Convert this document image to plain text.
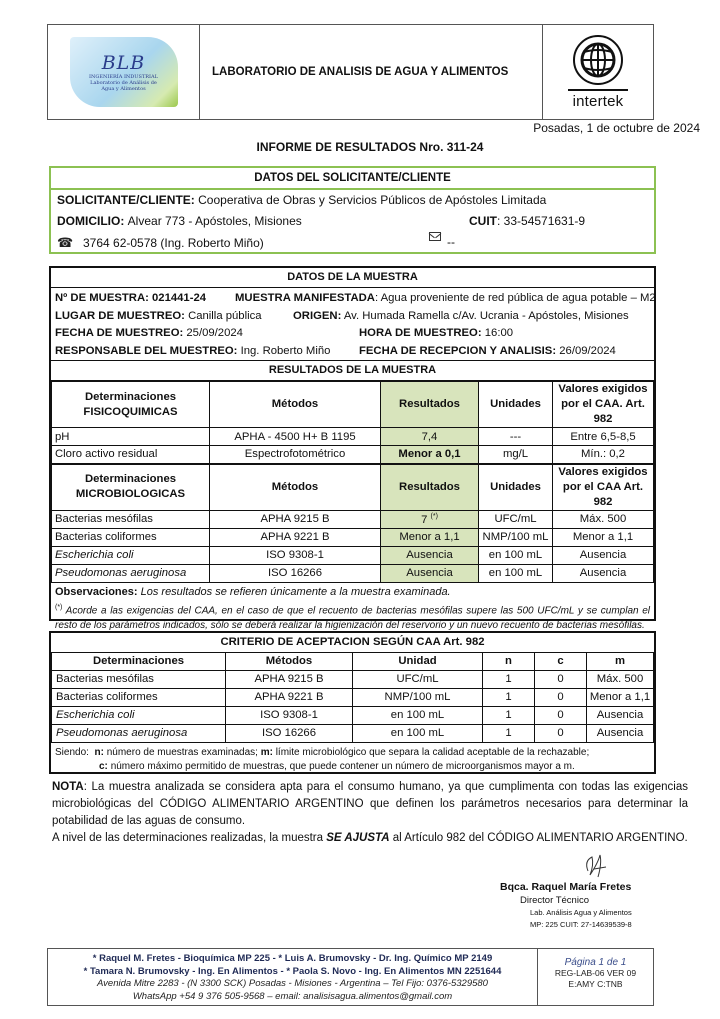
BLB
INGENIERÍA INDUSTRIAL
Laboratorio de Análisis de
Agua y Alimentos
LABORATORIO DE ANALISIS DE AGUA Y ALIMENTOS
intertek
Posadas, 1 de octubre de 2024
INFORME DE RESULTADOS Nro. 311-24
DATOS DEL SOLICITANTE/CLIENTE
SOLICITANTE/CLIENTE : Cooperativa de Obras y Servicios Públicos de Apóstoles Limitada
DOMICILIO: Alvear 773 - Apóstoles, Misiones	CUIT : 33-54571631-9
☎ 3764 62-0578 (Ing. Roberto Miño)	--
DATOS DE LA MUESTRA
Nº DE MUESTRA: 021441-24	MUESTRA MANIFESTADA: Agua proveniente de red pública de agua potable – M2
LUGAR DE MUESTREO: Canilla pública	ORIGEN: Av. Humada Ramella c/Av. Ucrania - Apóstoles, Misiones
FECHA DE MUESTREO: 25/09/2024	HORA DE MUESTREO: 16:00
RESPONSABLE DEL MUESTREO: Ing. Roberto Miño	FECHA DE RECEPCION Y ANALISIS: 26/09/2024
RESULTADOS DE LA MUESTRA
Determinaciones
FISICOQUIMICAS	Métodos	Resultados	Unidades	Valores exigidos por el CAA. Art. 982
pH	APHA - 4500 H+ B 1195	7,4	---	Entre 6,5-8,5
Cloro activo residual	Espectrofotométrico	Menor a 0,1	mg/L	Mín.: 0,2
Determinaciones
MICROBIOLOGICAS	Métodos	Resultados	Unidades	Valores exigidos por el CAA Art. 982
Bacterias mesófilas	APHA 9215 B	7 (*)	UFC/mL	Máx. 500
Bacterias coliformes	APHA 9221 B	Menor a 1,1	NMP/100 mL	Menor a 1,1
Escherichia coli	ISO 9308-1	Ausencia	en 100 mL	Ausencia
Pseudomonas aeruginosa	ISO 16266	Ausencia	en 100 mL	Ausencia
Observaciones: Los resultados se refieren únicamente a la muestra examinada.
(*) Acorde a las exigencias del CAA, en el caso de que el recuento de bacterias mesófilas supere las 500 UFC/mL y se cumplan el resto de los parámetros indicados, sólo se deberá realizar la higienización del reservorio y un nuevo recuento de bacterias mesófilas.
CRITERIO DE ACEPTACION SEGÚN CAA Art. 982					
Determinaciones	Métodos	Unidad	n	c	m
Bacterias mesófilas	APHA 9215 B	UFC/mL	1	0	Máx. 500
Bacterias coliformes	APHA 9221 B	NMP/100 mL	1	0	Menor a 1,1
Escherichia coli	ISO 9308-1	en 100 mL	1	0	Ausencia
Pseudomonas aeruginosa	ISO 16266	en 100 mL	1	0	Ausencia
Siendo: n: número de muestras examinadas; m: límite microbiológico que separa la calidad aceptable de la rechazable;
c: número máximo permitido de muestras, que puede contener un número de microorganismos mayor a m.

NOTA: La muestra analizada se considera apta para el consumo humano, ya que cumplimenta con todas las exigencias microbiológicas del CÓDIGO ALIMENTARIO ARGENTINO que definen los parámetros necesarios para determinar la potabilidad de las aguas de consumo.

A nivel de las determinaciones realizadas, la muestra SE AJUSTA al Artículo 982 del CÓDIGO ALIMENTARIO ARGENTINO.

Bqca. Raquel María Fretes
Director Técnico
Lab. Análisis Agua y Alimentos
MP: 225 CUIT: 27-14639539-8
* Raquel M. Fretes - Bioquímica MP 225 - * Luis A. Brumovsky - Dr. Ing. Químico MP 2149
* Tamara N. Brumovsky - Ing. En Alimentos - * Paola S. Novo - Ing. En Alimentos MN 2251644
Avenida Mitre 2283 - (N 3300 SCK) Posadas - Misiones - Argentina – Tel Fijo: 0376-5329580
WhatsApp +54 9 376 505-9568 – email: analisisagua.alimentos@gmail.com
Página 1 de 1
REG-LAB-06 VER 09
E:AMY C:TNB
